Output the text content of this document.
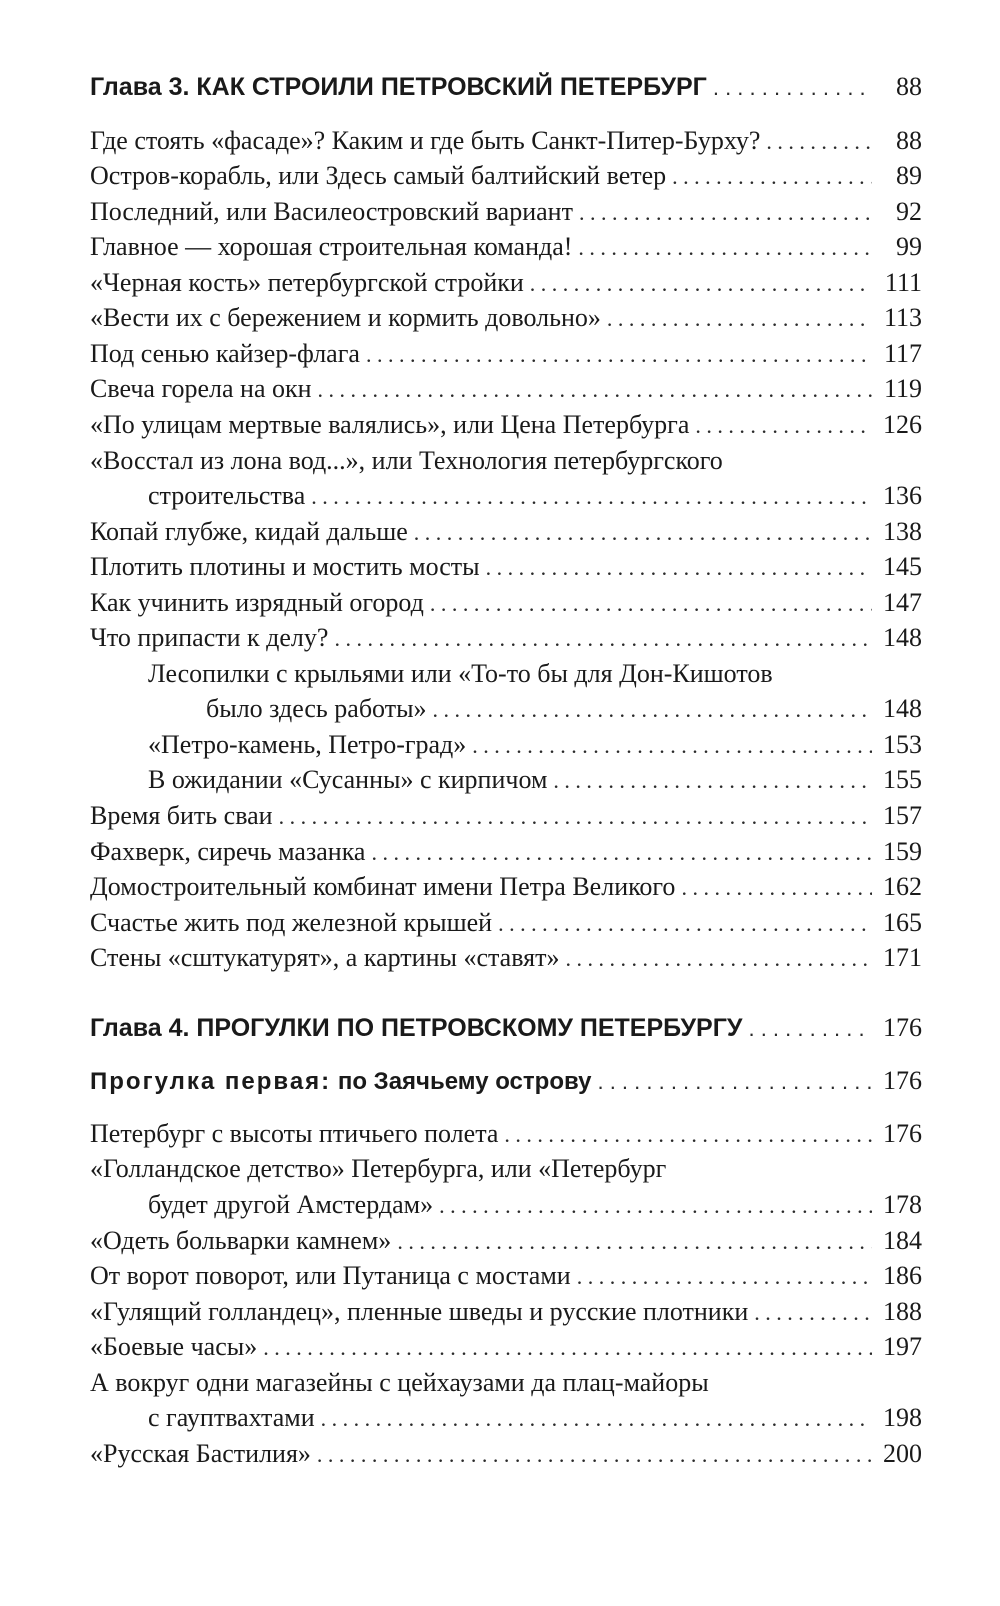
Глава 3. КАК СТРОИЛИ ПЕТРОВСКИЙ ПЕТЕРБУРГ . . .	88
Где стоять «фасаде»? Каким и где быть Санкт-Питер-Бурху? . . .	88
Остров-корабль, или Здесь самый балтийский ветер . . .	89
Последний, или Василеостровский вариант . . .	92
Главное — хорошая строительная команда! . . .	99
«Черная кость» петербургской стройки . . .	111
«Вести их с бережением и кормить довольно» . . .	113
Под сенью кайзер-флага . . .	117
Свеча горела на окн . . .	119
«По улицам мертвые валялись», или Цена Петербурга . . .	126
«Восстал из лона вод...», или Технология петербургского
строительства . . .	136
Копай глубже, кидай дальше . . .	138
Плотить плотины и мостить мосты . . .	145
Как учинить изрядный огород . . .	147
Что припасти к делу? . . .	148
Лесопилки с крыльями или «То-то бы для Дон-Кишотов
было здесь работы» . . .	148
«Петро-камень, Петро-град» . . .	153
В ожидании «Сусанны» с кирпичом . . .	155
Время бить сваи . . .	157
Фахверк, сиречь мазанка . . .	159
Домостроительный комбинат имени Петра Великого . . .	162
Счастье жить под железной крышей . . .	165
Стены «сштукатурят», а картины «ставят» . . .	171
Глава 4. ПРОГУЛКИ ПО ПЕТРОВСКОМУ ПЕТЕРБУРГУ . . .	176
Прогулка первая: по Заячьему острову . . .	176
Петербург с высоты птичьего полета . . .	176
«Голландское детство» Петербурга, или «Петербург
будет другой Амстердам» . . .	178
«Одеть больварки камнем» . . .	184
От ворот поворот, или Путаница с мостами . . .	186
«Гулящий голландец», пленные шведы и русские плотники . . .	188
«Боевые часы» . . .	197
А вокруг одни магазейны с цейхаузами да плац-майоры
с гауптвахтами . . .	198
«Русская Бастилия» . . .	200
